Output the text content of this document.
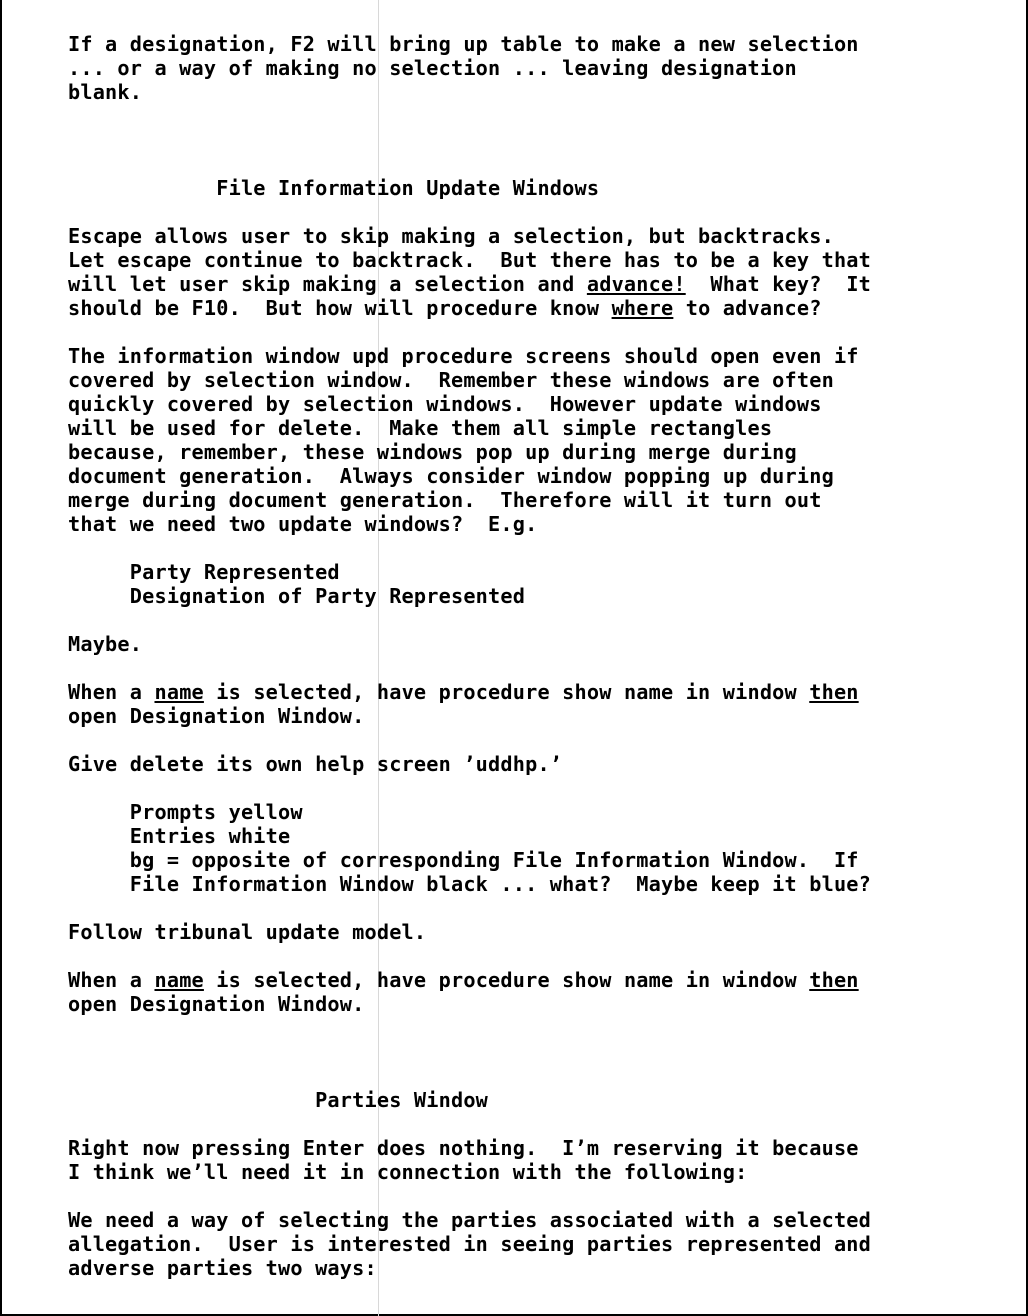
If a designation, F2 will bring up table to make a new selection
... or a way of making no selection ... leaving designation
blank.
File Information Update Windows
Escape allows user to skip making a selection, but backtracks.
Let escape continue to backtrack.  But there has to be a key that
will let user skip making a selection and advance!  What key?  It
should be F10.  But how will procedure know where to advance?
The information window upd procedure screens should open even if
covered by selection window.  Remember these windows are often
quickly covered by selection windows.  However update windows
will be used for delete.  Make them all simple rectangles
because, remember, these windows pop up during merge during
document generation.  Always consider window popping up during
merge during document generation.  Therefore will it turn out
that we need two update windows?  E.g.
Party Represented
Designation of Party Represented
Maybe.
When a name is selected, have procedure show name in window then
open Designation Window.
Give delete its own help screen ’uddhp.’
Prompts yellow
Entries white
bg = opposite of corresponding File Information Window.  If
File Information Window black ... what?  Maybe keep it blue?
Follow tribunal update model.
When a name is selected, have procedure show name in window then
open Designation Window.
Parties Window
Right now pressing Enter does nothing.  I’m reserving it because
I think we’ll need it in connection with the following:
We need a way of selecting the parties associated with a selected
allegation.  User is interested in seeing parties represented and
adverse parties two ways:
